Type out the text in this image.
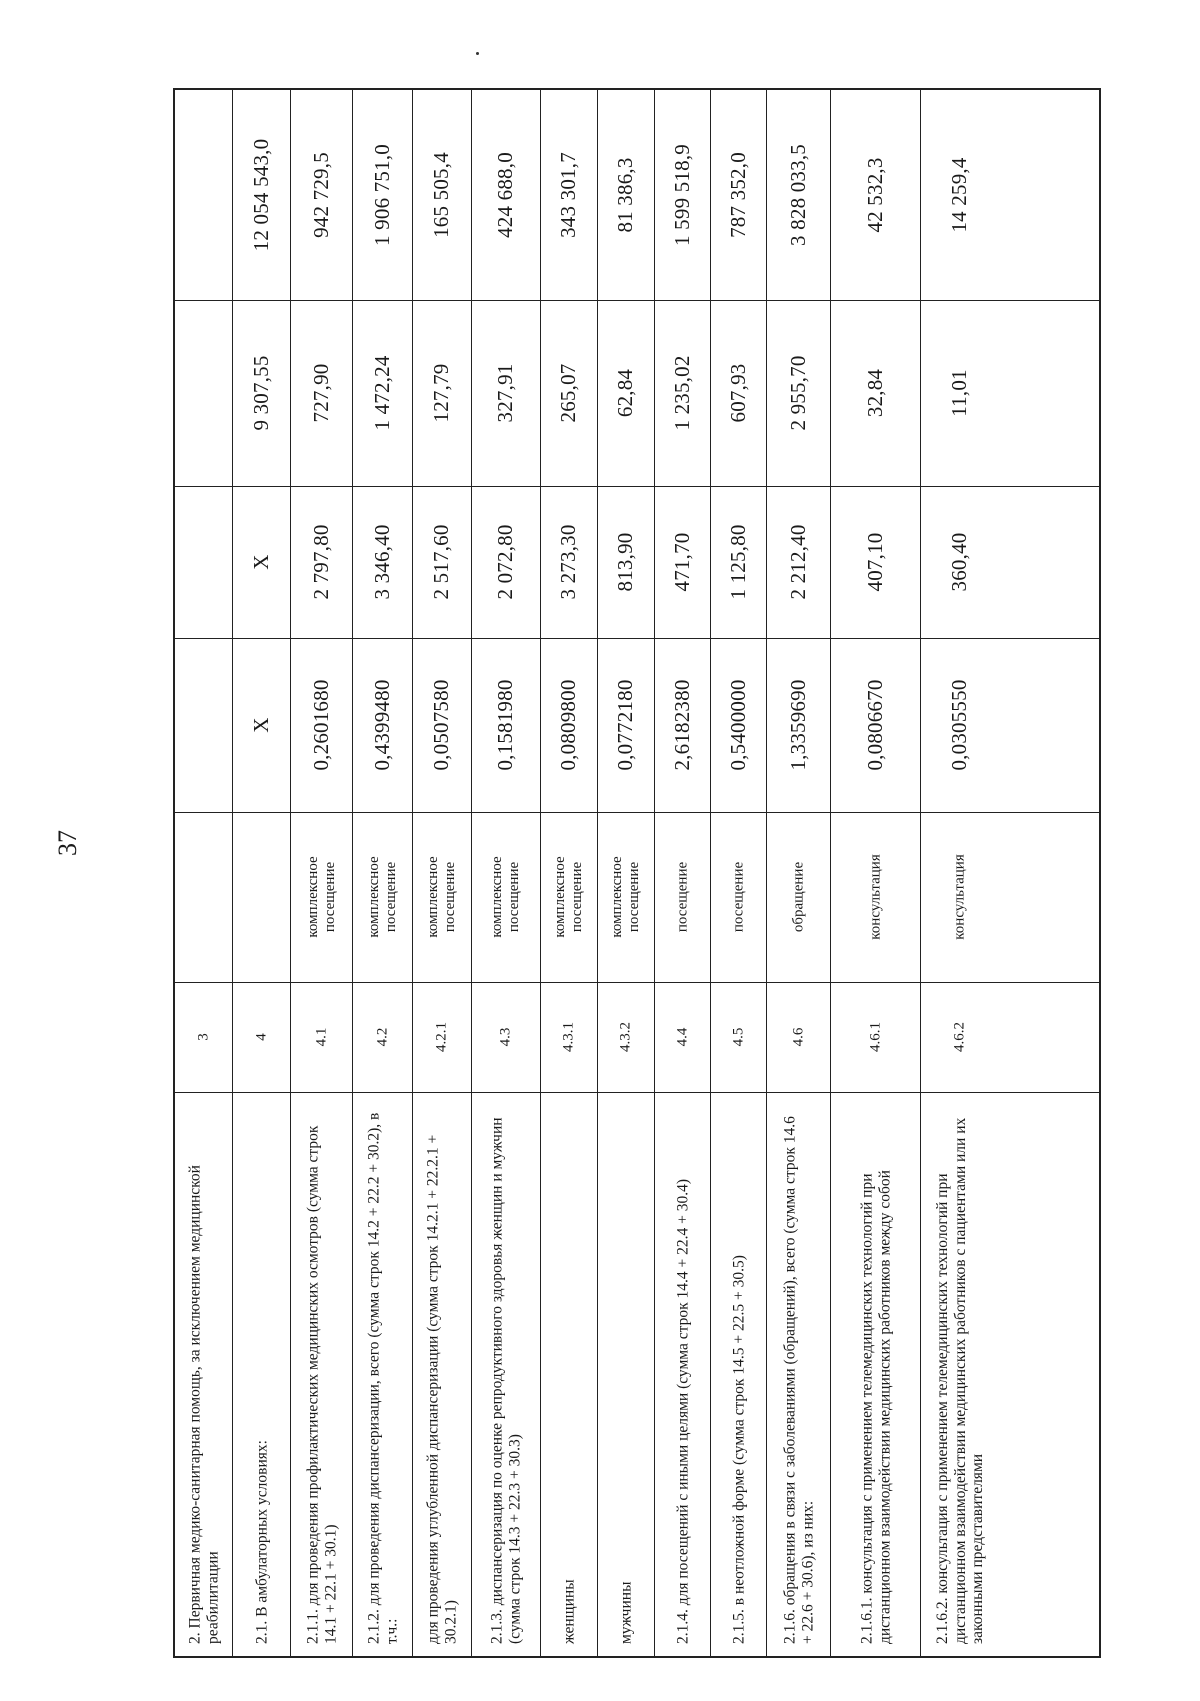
37
3
2. Первичная медико-санитарная помощь, за исключением медицинской реабилитации
12 054 543,0
9 307,55
X
X
4
2.1. В амбулаторных условиях:
942 729,5
727,90
2 797,80
0,2601680
комплексное посещение
4.1
2.1.1. для проведения профилактических медицинских осмотров (сумма строк 14.1 + 22.1 + 30.1)
1 906 751,0
1 472,24
3 346,40
0,4399480
комплексное посещение
4.2
2.1.2. для проведения диспансеризации, всего (сумма строк 14.2 + 22.2 + 30.2), в т.ч.:
165 505,4
127,79
2 517,60
0,0507580
комплексное посещение
4.2.1
для проведения углубленной диспансеризации (сумма строк 14.2.1 + 22.2.1 + 30.2.1)
424 688,0
327,91
2 072,80
0,1581980
комплексное посещение
4.3
2.1.3. диспансеризация по оценке репродуктивного здоровья женщин и мужчин (сумма строк 14.3 + 22.3 + 30.3)
343 301,7
265,07
3 273,30
0,0809800
комплексное посещение
4.3.1
женщины
81 386,3
62,84
813,90
0,0772180
комплексное посещение
4.3.2
мужчины
1 599 518,9
1 235,02
471,70
2,6182380
посещение
4.4
2.1.4. для посещений с иными целями (сумма строк 14.4 + 22.4 + 30.4)
787 352,0
607,93
1 125,80
0,5400000
посещение
4.5
2.1.5. в неотложной форме (сумма строк 14.5 + 22.5 + 30.5)
3 828 033,5
2 955,70
2 212,40
1,3359690
обращение
4.6
2.1.6. обращения в связи с заболеваниями (обращений), всего (сумма строк 14.6 + 22.6 + 30.6), из них:
42 532,3
32,84
407,10
0,0806670
консультация
4.6.1
2.1.6.1. консультация с применением телемедицинских технологий при дистанционном взаимодействии медицинских работников между собой
14 259,4
11,01
360,40
0,0305550
консультация
4.6.2
2.1.6.2. консультация с применением телемедицинских технологий при дистанционном взаимодействии медицинских работников с пациентами или их законными представителями
